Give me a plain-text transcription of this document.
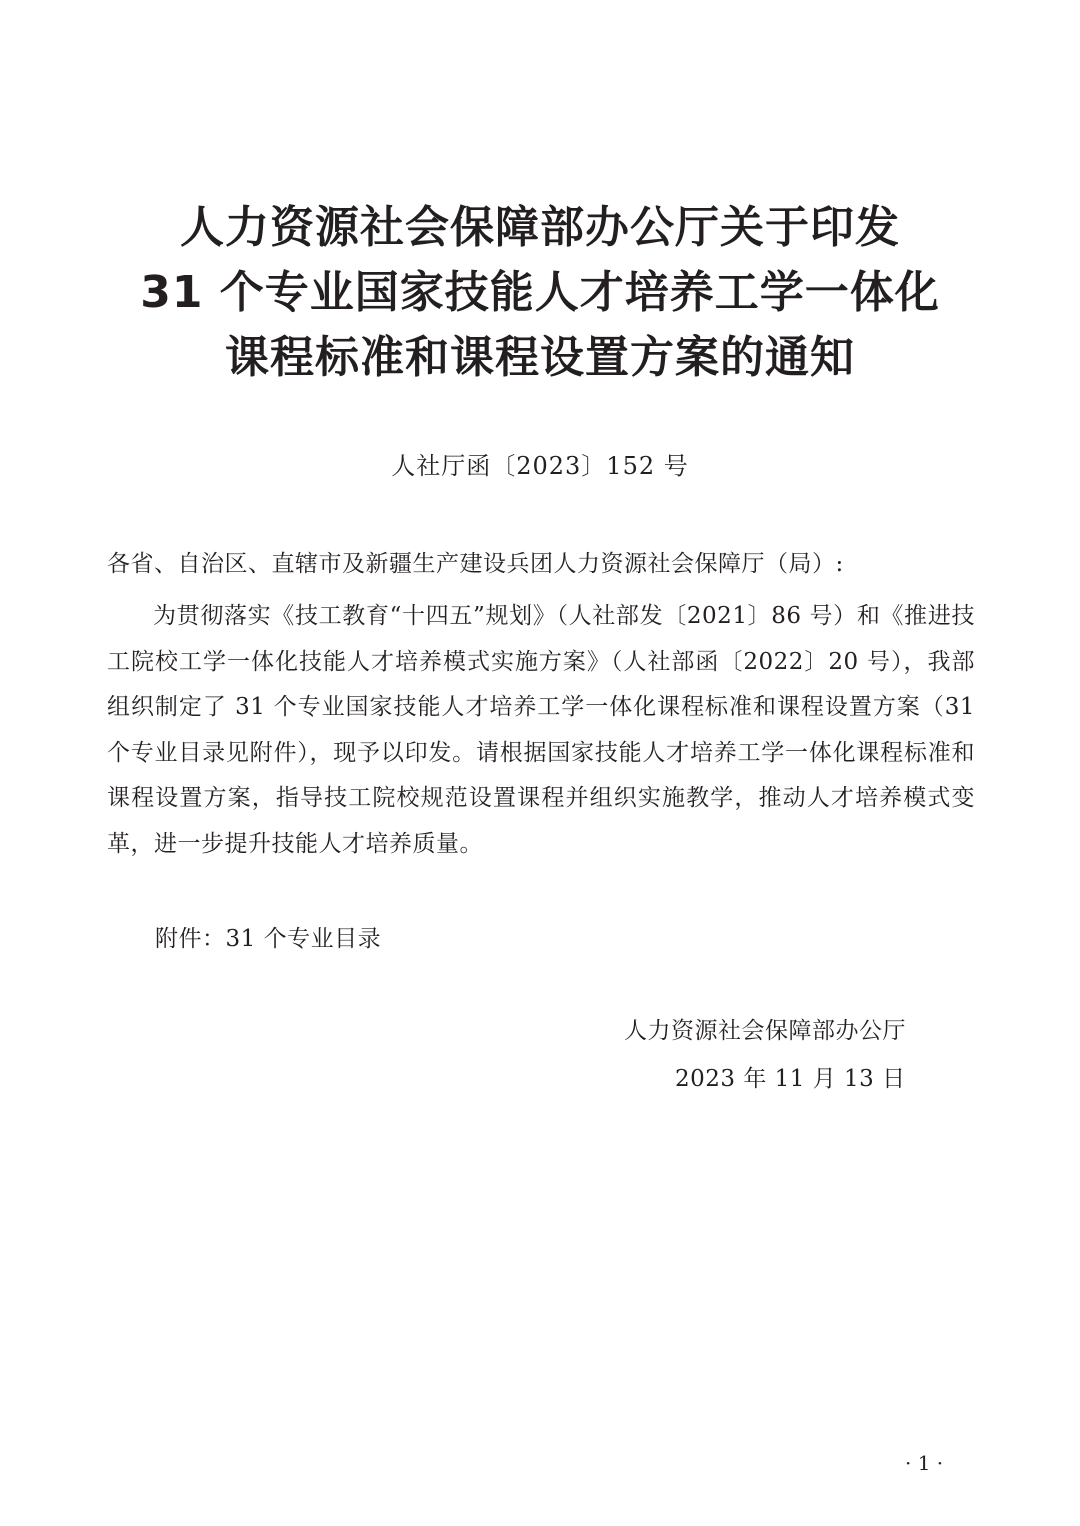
人力资源社会保障部办公厅关于印发
31 个专业国家技能人才培养工学一体化
课程标准和课程设置方案的通知
人社厅函〔2023〕152 号
各省、自治区、直辖市及新疆生产建设兵团人力资源社会保障厅（局）:
为贯彻落实《技工教育“十四五”规划》（人社部发〔2021〕86 号）和《推进技工院校工学一体化技能人才培养模式实施方案》（人社部函〔2022〕20 号），我部组织制定了 31 个专业国家技能人才培养工学一体化课程标准和课程设置方案（31 个专业目录见附件），现予以印发。请根据国家技能人才培养工学一体化课程标准和课程设置方案，指导技工院校规范设置课程并组织实施教学，推动人才培养模式变革，进一步提升技能人才培养质量。
附件：31 个专业目录
人力资源社会保障部办公厅
2023 年 11 月 13 日
· 1 ·
